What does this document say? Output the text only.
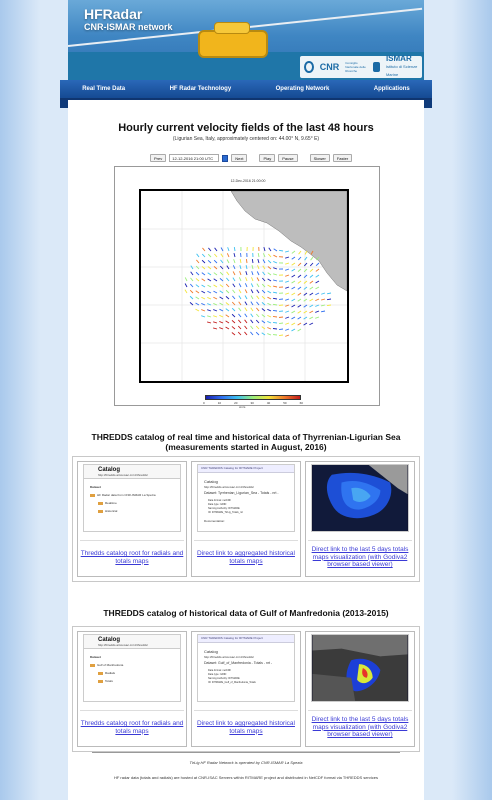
HFRadar
CNR-ISMAR network
CNR Consiglio Nazionale delle Ricerche
ISMAR
Istituto di Scienze Marine
Real Time Data	HF Radar Technology	Operating Network	Applications
Hourly current velocity fields of the last 48 hours
(Ligurian Sea, Italy, approximately centered on: 44.00° N, 9.65° E)
Prev
12-12-2016 21:00 UTC	Next	Play	Pause	Slower	Faster
12-Dec-2016 21:00:00
0	10	20	30	40	50	60
cm/s
THREDDS catalog of real time and historical data of Thyrrenian-Ligurian Sea (measurements started in August, 2016)
Catalog
http://thredds.artov.isac.cnr.it/thredds/
Dataset
HF Radar data from CNR-ISMAR La Spezia
Realtime
Historical
Thredds catalog root for radials and totals maps
CNR THREDDS Catalog for RITMARE Project
Catalog
http://thredds.artov.isac.cnr.it/thredds/
Dataset: Tyrrhenian_Ligurian_Sea - Totals - nrt -
Data format: netCDF
Data type: GRID
Naming Authority: RITMARE
ID: RITMARE_TirLig_Totals_nrt
Documentation:
Direct link to aggregated historical totals maps
Direct link to the last 5 days totals maps visualization (with Godiva2 browser based viewer)
THREDDS catalog of historical data of Gulf of Manfredonia (2013-2015)
Catalog
http://thredds.artov.isac.cnr.it/thredds/
Dataset
Gulf of Manfredonia
Radials
Totals
Thredds catalog root for radials and totals maps
CNR THREDDS Catalog for RITMARE Project
Catalog
http://thredds.artov.isac.cnr.it/thredds/
Dataset: Gulf_of_Manfredonia - Totals - nrt -
Data format: netCDF
Data type: GRID
Naming Authority: RITMARE
ID: RITMARE_Gulf_of_Manfredonia_Totals
Direct link to aggregated historical totals maps
Direct link to the last 5 days totals maps visualization (with Godiva2 browser based viewer)
TirLig HF Radar Network is operated by CNR-ISMAR La Spezia
HF radar data (totals and radials) are hosted at CNR-ISAC Servers within RITMARE project and distributed in NetCDF format via THREDDS services
